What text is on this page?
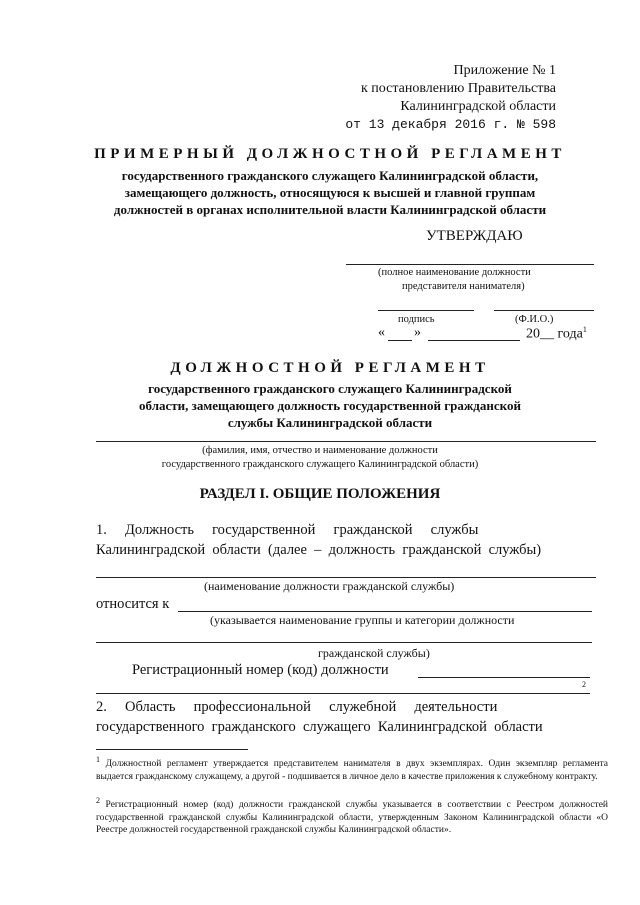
Приложение № 1
к постановлению Правительства
Калининградской области
от 13 декабря 2016 г. № 598
ПРИМЕРНЫЙ ДОЛЖНОСТНОЙ РЕГЛАМЕНТ
государственного гражданского служащего Калининградской области,
замещающего должность, относящуюся к высшей и главной группам
должностей в органах исполнительной власти Калининградской области
УТВЕРЖДАЮ
(полное наименование должности
представителя нанимателя)
подпись	(Ф.И.О.)
« »	20__ года$^1$
ДОЛЖНОСТНОЙ РЕГЛАМЕНТ
государственного гражданского служащего Калининградской
области, замещающего должность государственной гражданской
службы Калининградской области
(фамилия, имя, отчество и наименование должности
государственного гражданского служащего Калининградской области)
РАЗДЕЛ I. ОБЩИЕ ПОЛОЖЕНИЯ
1.     Должность     государственной     гражданской     службы
Калининградской  области  (далее  –  должность  гражданской  службы)
(наименование должности гражданской службы)
относится к
(указывается наименование группы и категории должности
гражданской службы)
Регистрационный номер (код) должности
2
2.     Область     профессиональной     служебной     деятельности
государственного  гражданского  служащего  Калининградской  области
$^1$ Должностной регламент утверждается представителем нанимателя в двух экземплярах. Один экземпляр регламента выдается гражданскому служащему, а другой - подшивается в личное дело в качестве приложения к служебному контракту.
$^2$ Регистрационный номер (код) должности гражданской службы указывается в соответствии с Реестром должностей государственной гражданской службы Калининградской области, утвержденным Законом Калининградской области «О Реестре должностей государственной гражданской службы Калининградской области».
